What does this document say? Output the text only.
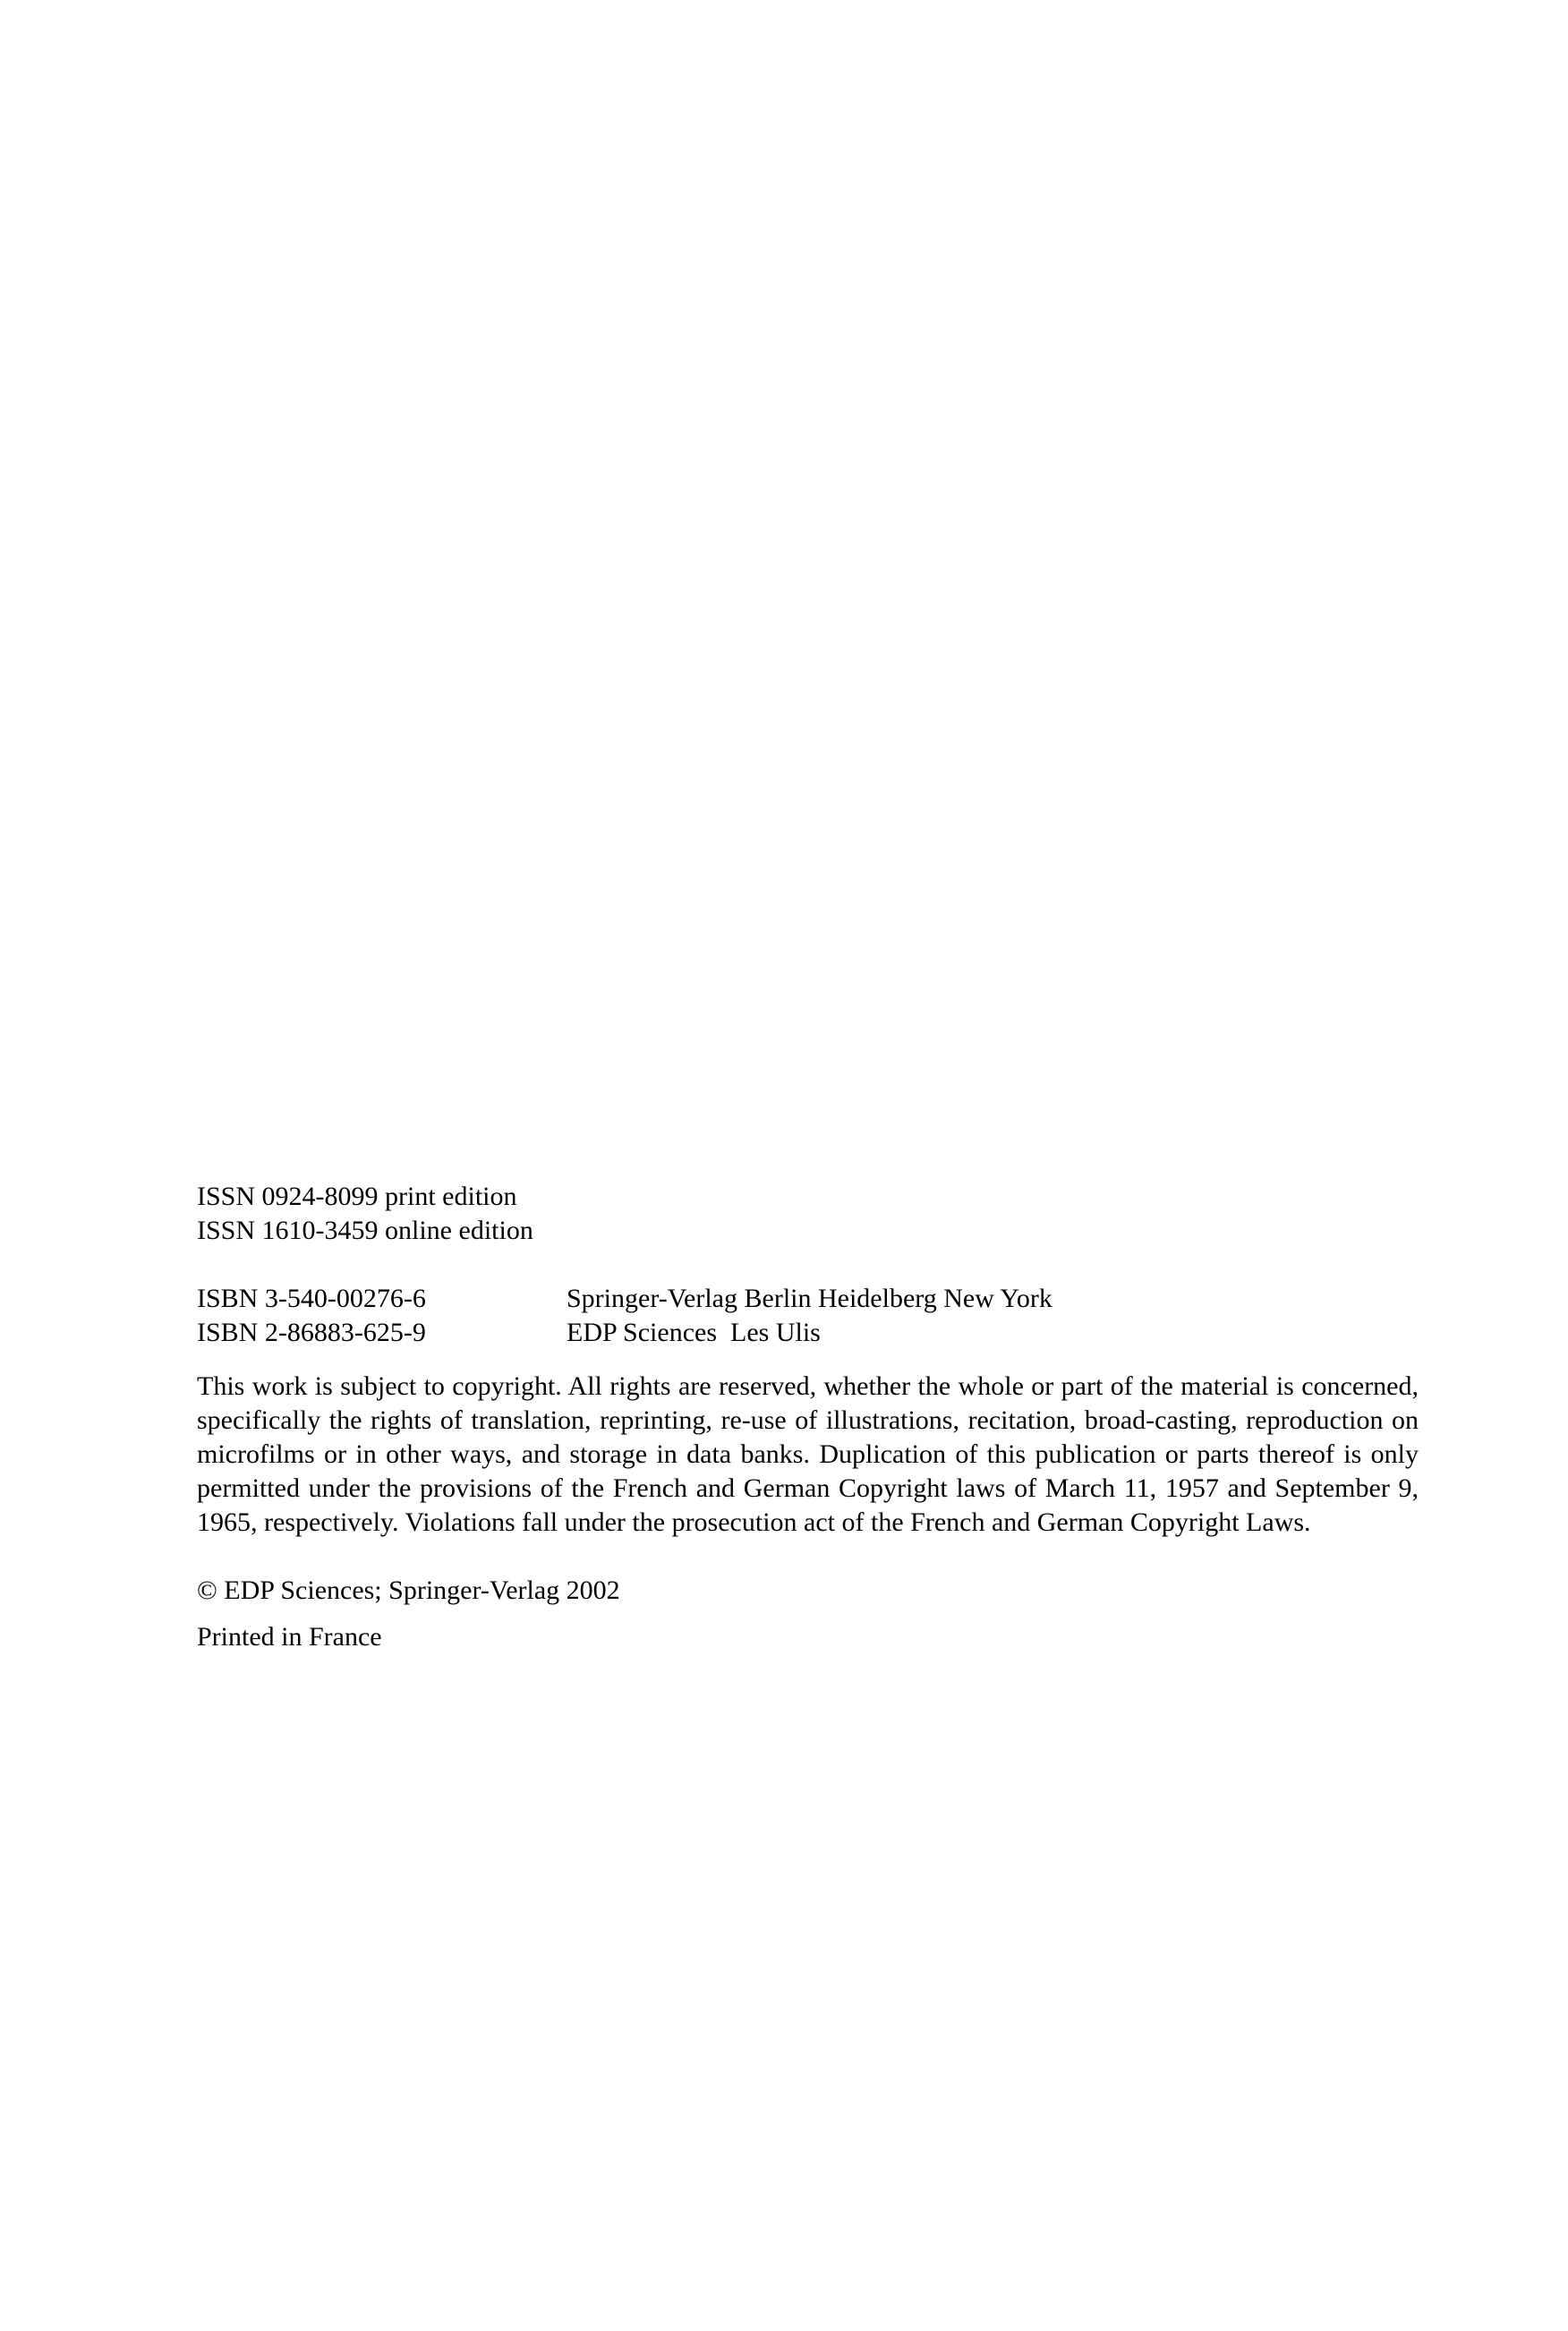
ISSN 0924-8099 print edition
ISSN 1610-3459 online edition
ISBN 3-540-00276-6	Springer-Verlag Berlin Heidelberg New York
ISBN 2-86883-625-9	EDP Sciences  Les Ulis

This work is subject to copyright. All rights are reserved, whether the whole or part of the material is concerned, specifically the rights of translation, reprinting, re-use of illustrations, recitation, broad-casting, reproduction on microfilms or in other ways, and storage in data banks. Duplication of this publication or parts thereof is only permitted under the provisions of the French and German Copyright laws of March 11, 1957 and September 9, 1965, respectively. Violations fall under the prosecution act of the French and German Copyright Laws.

© EDP Sciences; Springer-Verlag 2002
Printed in France
